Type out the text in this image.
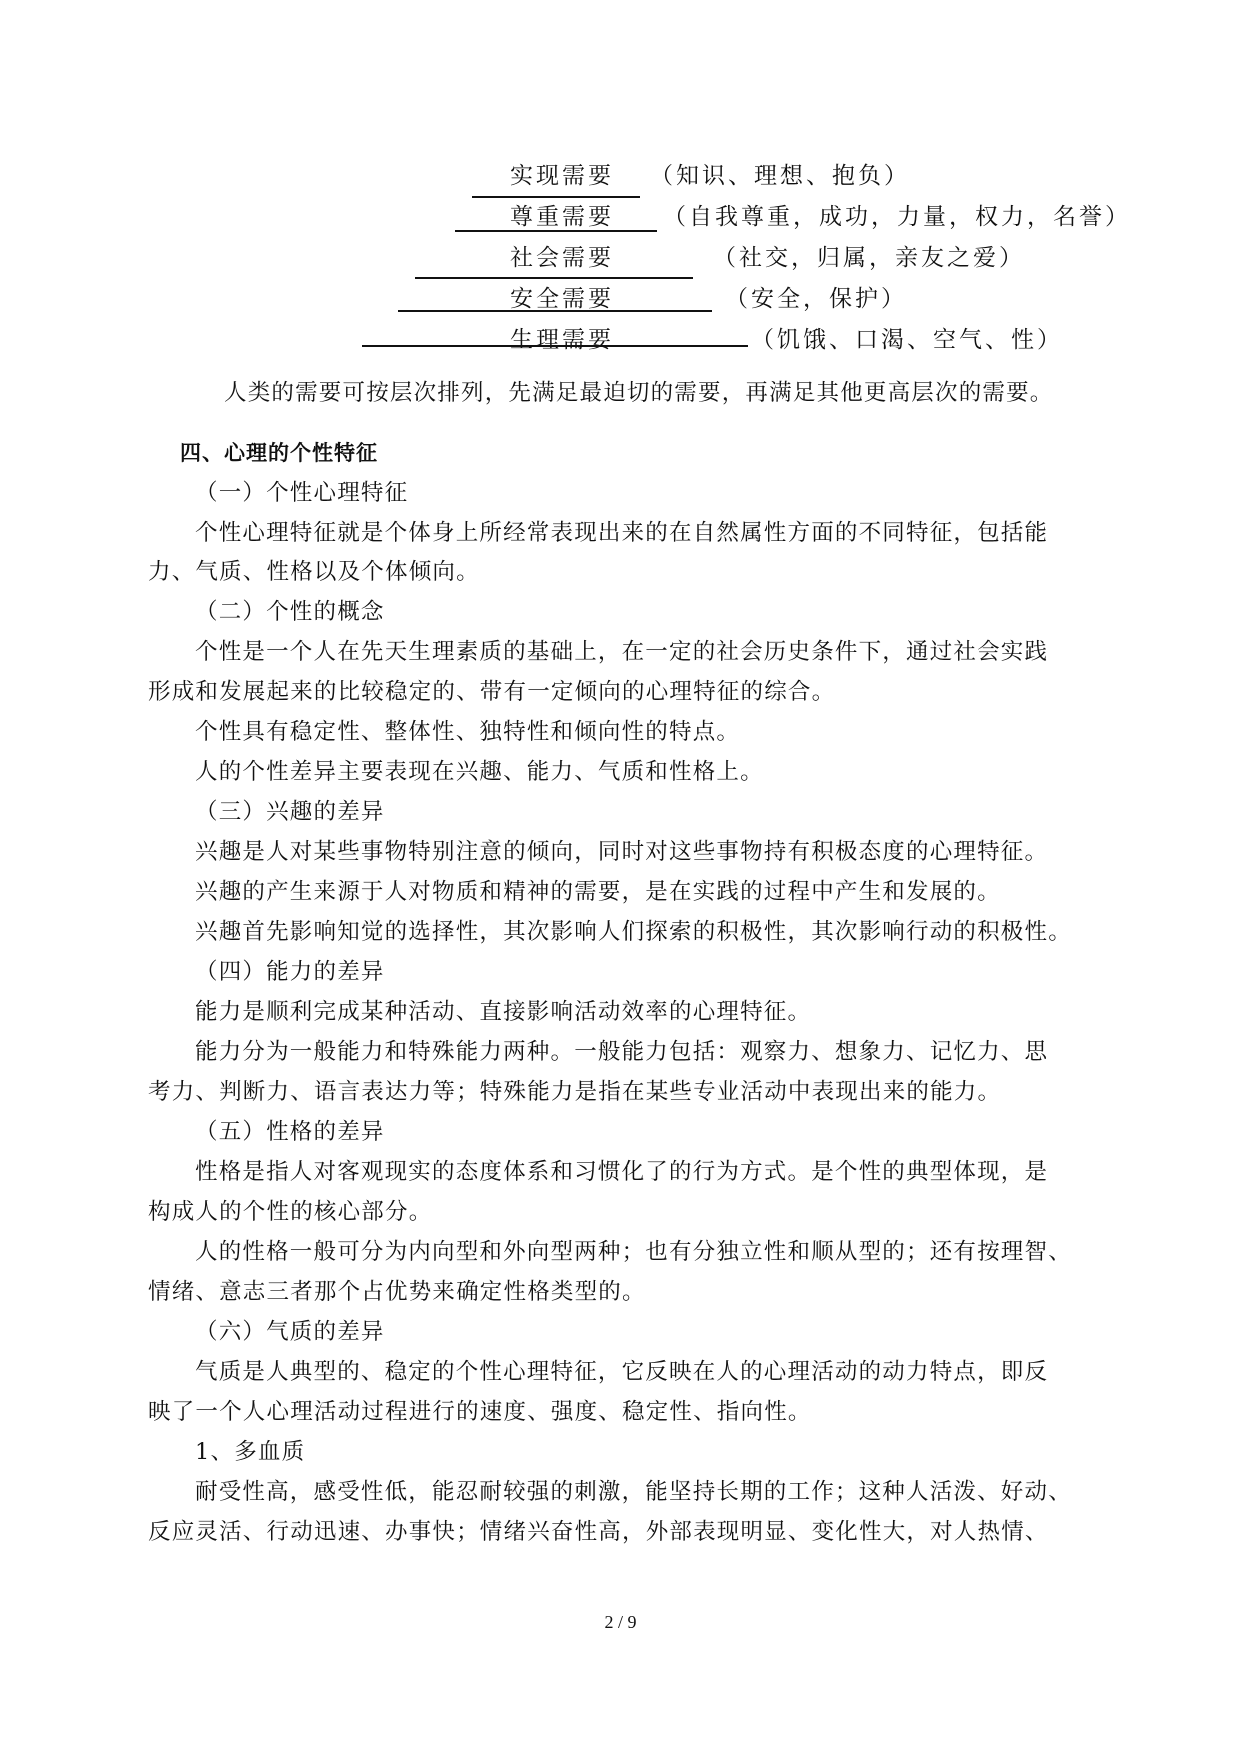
实现需要 （知识、理想、抱负）
尊重需要 （自我尊重，成功，力量，权力，名誉）
社会需要	（社交，归属，亲友之爱）
安全需要	（安全，保护）
生理需要	（饥饿、口渴、空气、性）
人类的需要可按层次排列，先满足最迫切的需要，再满足其他更高层次的需要。
四、心理的个性特征
（一）个性心理特征
个性心理特征就是个体身上所经常表现出来的在自然属性方面的不同特征，包括能
力、气质、性格以及个体倾向。
（二）个性的概念
个性是一个人在先天生理素质的基础上，在一定的社会历史条件下，通过社会实践
形成和发展起来的比较稳定的、带有一定倾向的心理特征的综合。
个性具有稳定性、整体性、独特性和倾向性的特点。
人的个性差异主要表现在兴趣、能力、气质和性格上。
（三）兴趣的差异
兴趣是人对某些事物特别注意的倾向，同时对这些事物持有积极态度的心理特征。
兴趣的产生来源于人对物质和精神的需要，是在实践的过程中产生和发展的。
兴趣首先影响知觉的选择性，其次影响人们探索的积极性，其次影响行动的积极性。
（四）能力的差异
能力是顺利完成某种活动、直接影响活动效率的心理特征。
能力分为一般能力和特殊能力两种。一般能力包括：观察力、想象力、记忆力、思
考力、判断力、语言表达力等；特殊能力是指在某些专业活动中表现出来的能力。
（五）性格的差异
性格是指人对客观现实的态度体系和习惯化了的行为方式。是个性的典型体现，是
构成人的个性的核心部分。
人的性格一般可分为内向型和外向型两种；也有分独立性和顺从型的；还有按理智、
情绪、意志三者那个占优势来确定性格类型的。
（六）气质的差异
气质是人典型的、稳定的个性心理特征，它反映在人的心理活动的动力特点，即反
映了一个人心理活动过程进行的速度、强度、稳定性、指向性。
1、多血质
耐受性高，感受性低，能忍耐较强的刺激，能坚持长期的工作；这种人活泼、好动、
反应灵活、行动迅速、办事快；情绪兴奋性高，外部表现明显、变化性大，对人热情、
2 / 9
